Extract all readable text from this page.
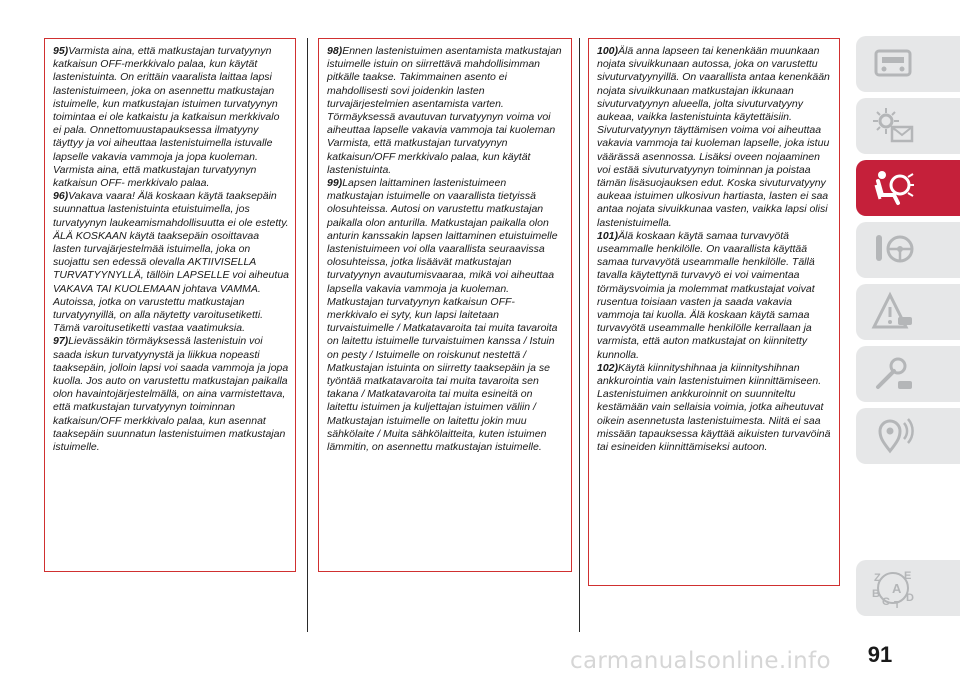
95)Varmista aina, että matkustajan turvatyynyn katkaisun OFF-merkkivalo palaa, kun käytät lastenistuinta. On erittäin vaaralista laittaa lapsi lastenistuimeen, joka on asennettu matkustajan istuimelle, kun matkustajan istuimen turvatyynyn toimintaa ei ole katkaistu ja katkaisun merkkivalo ei pala. Onnettomuustapauksessa ilmatyyny täyttyy ja voi aiheuttaa lastenistuimella istuvalle lapselle vakavia vammoja ja jopa kuoleman. Varmista aina, että matkustajan turvatyynyn katkaisun OFF- merkkivalo palaa.

96)Vakava vaara! Älä koskaan käytä taaksepäin suunnattua lastenistuinta etuistuimella, jos turvatyynyn laukeamismahdollisuutta ei ole estetty. ÄLÄ KOSKAAN käytä taaksepäin osoittavaa lasten turvajärjestelmää istuimella, joka on suojattu sen edessä olevalla AKTIIVISELLA TURVATYYNYLLÄ, tällöin LAPSELLE voi aiheutua VAKAVA TAI KUOLEMAAN johtava VAMMA. Autoissa, jotka on varustettu matkustajan turvatyynyillä, on alla näytetty varoitusetiketti. Tämä varoitusetiketti vastaa vaatimuksia.

97)Lievässäkin törmäyksessä lastenistuin voi saada iskun turvatyynystä ja liikkua nopeasti taaksepäin, jolloin lapsi voi saada vammoja ja jopa kuolla. Jos auto on varustettu matkustajan paikalla olon havaintojärjestelmällä, on aina varmistettava, että matkustajan turvatyynyn toiminnan katkaisun/OFF merkkivalo palaa, kun asennat taaksepäin suunnatun lastenistuimen matkustajan istuimelle.

98)Ennen lastenistuimen asentamista matkustajan istuimelle istuin on siirrettävä mahdollisimman pitkälle taakse. Takimmainen asento ei mahdollisesti sovi joidenkin lasten turvajärjestelmien asentamista varten. Törmäyksessä avautuvan turvatyynyn voima voi aiheuttaa lapselle vakavia vammoja tai kuoleman Varmista, että matkustajan turvatyynyn katkaisun/OFF merkkivalo palaa, kun käytät lastenistuinta.

99)Lapsen laittaminen lastenistuimeen matkustajan istuimelle on vaarallista tietyissä olosuhteissa. Autosi on varustettu matkustajan paikalla olon anturilla. Matkustajan paikalla olon anturin kanssakin lapsen laittaminen etuistuimelle lastenistuimeen voi olla vaarallista seuraavissa olosuhteissa, jotka lisäävät matkustajan turvatyynyn avautumisvaaraa, mikä voi aiheuttaa lapsella vakavia vammoja ja kuoleman. Matkustajan turvatyynyn katkaisun OFF-merkkivalo ei syty, kun lapsi laitetaan turvaistuimelle / Matkatavaroita tai muita tavaroita on laitettu istuimelle turvaistuimen kanssa / Istuin on pesty / Istuimelle on roiskunut nestettä / Matkustajan istuinta on siirretty taaksepäin ja se työntää matkatavaroita tai muita tavaroita sen takana / Matkatavaroita tai muita esineitä on laitettu istuimen ja kuljettajan istuimen väliin / Matkustajan istuimelle on laitettu jokin muu sähkölaite / Muita sähkölaitteita, kuten istuimen lämmitin, on asennettu matkustajan istuimelle.

100)Älä anna lapseen tai kenenkään muunkaan nojata sivuikkunaan autossa, joka on varustettu sivuturvatyynyillä. On vaarallista antaa kenenkään nojata sivuikkunaan matkustajan ikkunaan sivuturvatyynyn alueella, jolta sivuturvatyyny aukeaa, vaikka lastenistuinta käytettäisiin. Sivuturvatyynyn täyttämisen voima voi aiheuttaa vakavia vammoja tai kuoleman lapselle, joka istuu väärässä asennossa. Lisäksi oveen nojaaminen voi estää sivuturvatyynyn toiminnan ja poistaa tämän lisäsuojauksen edut. Koska sivuturvatyyny aukeaa istuimen ulkosivun hartiasta, lasten ei saa antaa nojata sivuikkunaa vasten, vaikka lapsi olisi lastenistuimella.

101)Älä koskaan käytä samaa turvavyötä useammalle henkilölle. On vaarallista käyttää samaa turvavyötä useammalle henkilölle. Tällä tavalla käytettynä turvavyö ei voi vaimentaa törmäysvoimia ja molemmat matkustajat voivat rusentua toisiaan vasten ja saada vakavia vammoja tai kuolla. Älä koskaan käytä samaa turvavyötä useammalle henkilölle kerrallaan ja varmista, että auton matkustajat on kiinnitetty kunnolla.

102)Käytä kiinnityshihnaa ja kiinnityshihnan ankkurointia vain lastenistuimen kiinnittämiseen. Lastenistuimen ankkuroinnit on suunniteltu kestämään vain sellaisia voimia, jotka aiheutuvat oikein asennetusta lastenistuimesta. Niitä ei saa missään tapauksessa käyttää aikuisten turvavöinä tai esineiden kiinnittämiseksi autoon.

Z E
B A
C D
T
91
carmanualsonline.info
